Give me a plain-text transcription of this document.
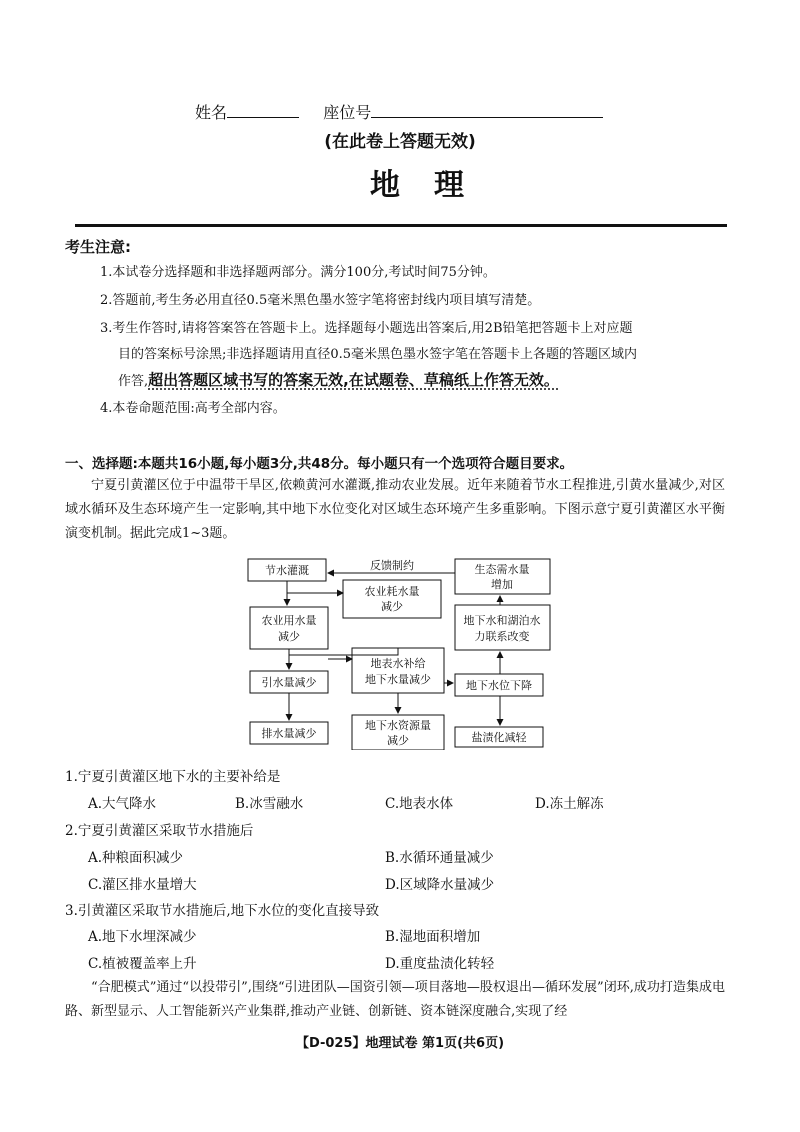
姓名	座位号
(在此卷上答题无效)
地理
考生注意:
1.本试卷分选择题和非选择题两部分。满分100分,考试时间75分钟。
2.答题前,考生务必用直径0.5毫米黑色墨水签字笔将密封线内项目填写清楚。
3.考生作答时,请将答案答在答题卡上。选择题每小题选出答案后,用2B铅笔把答题卡上对应题
目的答案标号涂黑;非选择题请用直径0.5毫米黑色墨水签字笔在答题卡上各题的答题区域内
作答,超出答题区域书写的答案无效,在试题卷、草稿纸上作答无效。
4.本卷命题范围:高考全部内容。
一、选择题:本题共16小题,每小题3分,共48分。每小题只有一个选项符合题目要求。
宁夏引黄灌区位于中温带干旱区,依赖黄河水灌溉,推动农业发展。近年来随着节水工程推进,引黄水量减少,对区域水循环及生态环境产生一定影响,其中地下水位变化对区域生态环境产生多重影响。下图示意宁夏引黄灌区水平衡演变机制。据此完成1~3题。
反馈制约
节水灌溉
农业耗水量
减少
生态需水量
增加
农业用水量
减少
地下水和湖泊水
力联系改变
地表水补给
地下水量减少
引水量减少	地下水位下降
排水量减少
地下水资源量
减少	盐渍化减轻
1.宁夏引黄灌区地下水的主要补给是
A.大气降水	B.冰雪融水	C.地表水体	D.冻土解冻
2.宁夏引黄灌区采取节水措施后
A.种粮面积减少	B.水循环通量减少
C.灌区排水量增大	D.区域降水量减少
3.引黄灌区采取节水措施后,地下水位的变化直接导致
A.地下水埋深减少	B.湿地面积增加
C.植被覆盖率上升	D.重度盐渍化转轻
“合肥模式”通过“以投带引”,围绕“引进团队—国资引领—项目落地—股权退出—循环发展”闭环,成功打造集成电路、新型显示、人工智能新兴产业集群,推动产业链、创新链、资本链深度融合,实现了经
【D-025】地理试卷 第1页(共6页)
